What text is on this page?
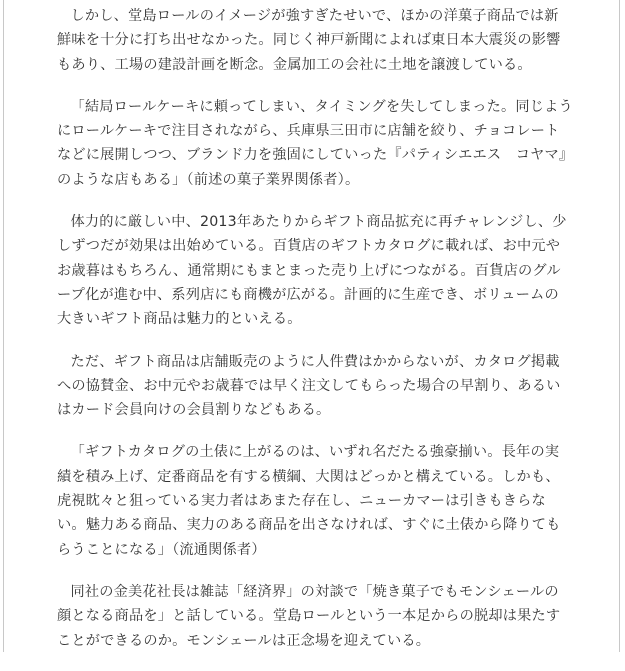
しかし、堂島ロールのイメージが強すぎたせいで、ほかの洋菓子商品では新鮮味を十分に打ち出せなかった。同じく神戸新聞によれば東日本大震災の影響もあり、工場の建設計画を断念。金属加工の会社に土地を譲渡している。

「結局ロールケーキに頼ってしまい、タイミングを失してしまった。同じようにロールケーキで注目されながら、兵庫県三田市に店舗を絞り、チョコレートなどに展開しつつ、ブランド力を強固にしていった『パティシエエス　コヤマ』のような店もある」（前述の菓子業界関係者）。

体力的に厳しい中、2013年あたりからギフト商品拡充に再チャレンジし、少しずつだが効果は出始めている。百貨店のギフトカタログに載れば、お中元やお歳暮はもちろん、通常期にもまとまった売り上げにつながる。百貨店のグループ化が進む中、系列店にも商機が広がる。計画的に生産でき、ボリュームの大きいギフト商品は魅力的といえる。

ただ、ギフト商品は店舗販売のように人件費はかからないが、カタログ掲載への協賛金、お中元やお歳暮では早く注文してもらった場合の早割り、あるいはカード会員向けの会員割りなどもある。

「ギフトカタログの土俵に上がるのは、いずれ名だたる強豪揃い。長年の実績を積み上げ、定番商品を有する横綱、大関はどっかと構えている。しかも、虎視眈々と狙っている実力者はあまた存在し、ニューカマーは引きもきらない。魅力ある商品、実力のある商品を出さなければ、すぐに土俵から降りてもらうことになる」（流通関係者）

同社の金美花社長は雑誌「経済界」の対談で「焼き菓子でもモンシェールの顔となる商品を」と話している。堂島ロールという一本足からの脱却は果たすことができるのか。モンシェールは正念場を迎えている。
